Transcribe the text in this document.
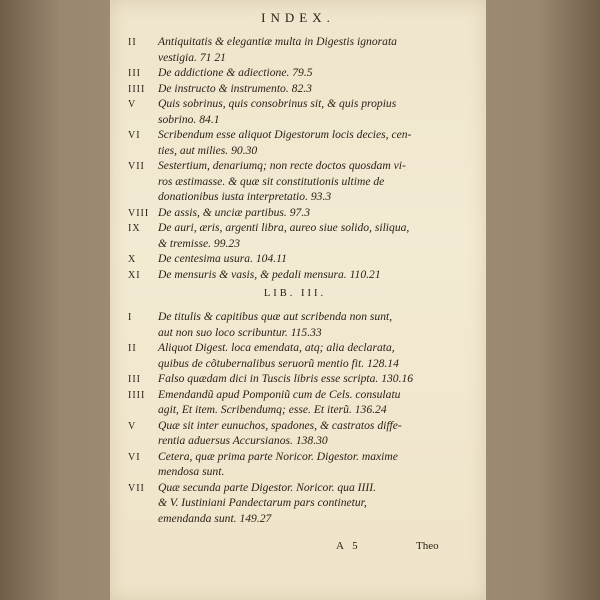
INDEX.
II	Antiquitatis & elegantiæ multa in Digestis ignorata
vestigia. 71 21
III	De addictione & adiectione. 79.5
IIII	De instructo & instrumento. 82.3
V	Quis sobrinus, quis consobrinus sit, & quis propius
sobrino. 84.1
VI	Scribendum esse aliquot Digestorum locis decies, cen-
ties, aut milies. 90.30
VII	Sestertium, denariumq; non recte doctos quosdam vi-
ros æstimasse. & quæ sit constitutionis ultime de
donationibus iusta interpretatio. 93.3
VIII De assis, & unciæ partibus. 97.3
IX	De auri, æris, argenti libra, aureo siue solido, siliqua,
& tremisse. 99.23
X	De centesima usura. 104.11
XI	De mensuris & vasis, & pedali mensura. 110.21
LIB. III.
I	De titulis & capitibus quæ aut scribenda non sunt,
aut non suo loco scribuntur. 115.33
II	Aliquot Digest. loca emendata, atq; alia declarata,
quibus de cõtubernalibus seruorũ mentio fit. 128.14
III	Falso quædam dici in Tuscis libris esse scripta. 130.16
IIII	Emendandũ apud Pomponiũ cum de Cels. consulatu
agit, Et item. Scribendumq; esse. Et iterũ. 136.24
V	Quæ sit inter eunuchos, spadones, & castratos diffe-
rentia aduersus Accursianos. 138.30
VI	Cetera, quæ prima parte Noricor. Digestor. maxime
mendosa sunt.
VII	Quæ secunda parte Digestor. Noricor. qua IIII.
& V. Iustiniani Pandectarum pars continetur,
emendanda sunt. 149.27
A 5	Theo
